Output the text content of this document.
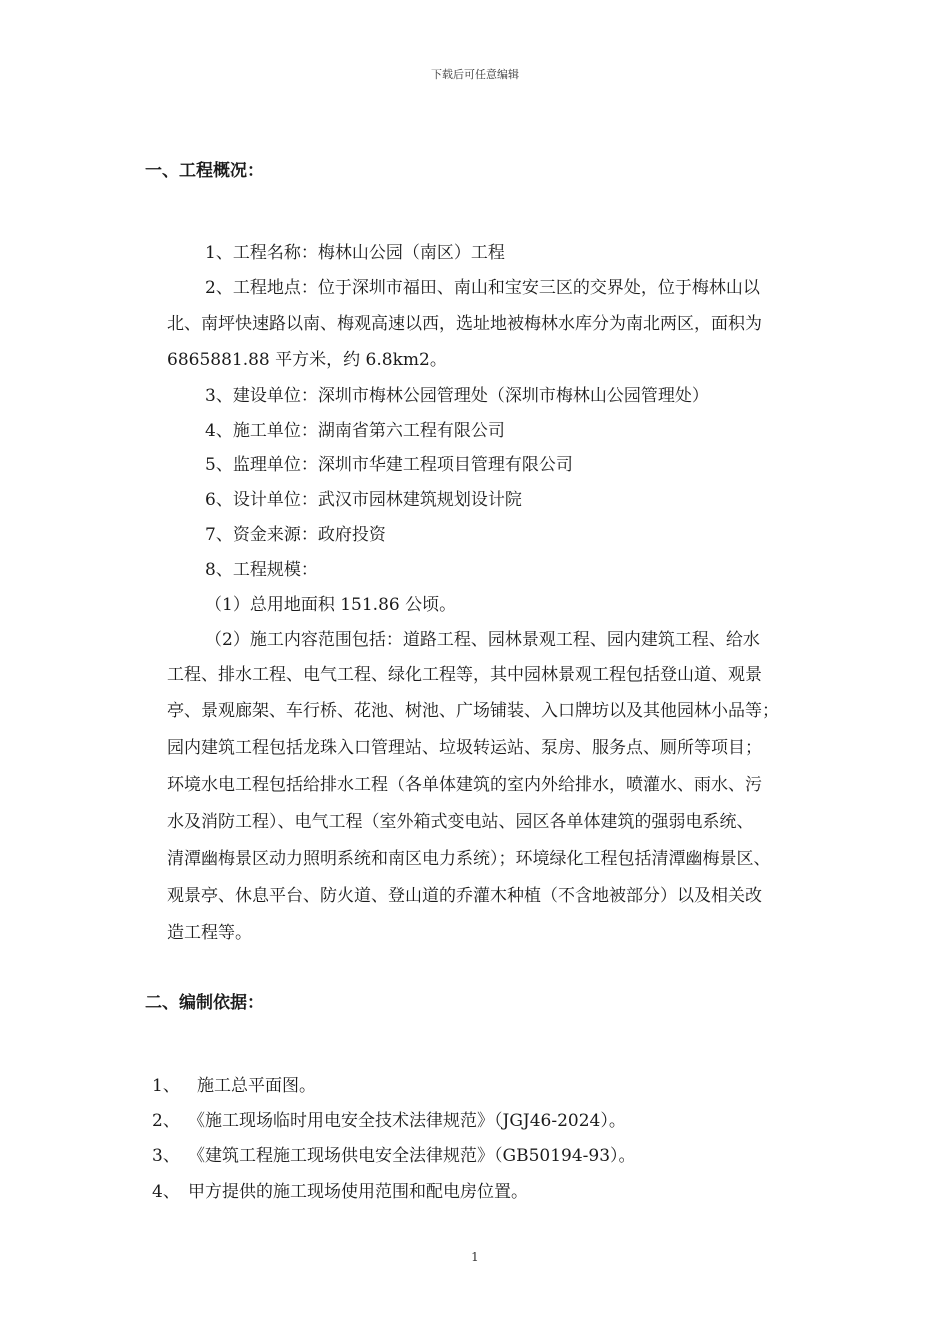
下载后可任意编辑
一、工程概况：
1、工程名称：梅林山公园（南区）工程
2、工程地点：位于深圳市福田、南山和宝安三区的交界处，位于梅林山以
北、南坪快速路以南、梅观高速以西，选址地被梅林水库分为南北两区，面积为
6865881.88 平方米，约 6.8km2。
3、建设单位：深圳市梅林公园管理处（深圳市梅林山公园管理处）
4、施工单位：湖南省第六工程有限公司
5、监理单位：深圳市华建工程项目管理有限公司
6、设计单位：武汉市园林建筑规划设计院
7、资金来源：政府投资
8、工程规模：
（1）总用地面积 151.86 公顷。
（2）施工内容范围包括：道路工程、园林景观工程、园内建筑工程、给水
工程、排水工程、电气工程、绿化工程等，其中园林景观工程包括登山道、观景
亭、景观廊架、车行桥、花池、树池、广场铺装、入口牌坊以及其他园林小品等；
园内建筑工程包括龙珠入口管理站、垃圾转运站、泵房、服务点、厕所等项目；
环境水电工程包括给排水工程（各单体建筑的室内外给排水，喷灌水、雨水、污
水及消防工程）、电气工程（室外箱式变电站、园区各单体建筑的强弱电系统、
清潭幽梅景区动力照明系统和南区电力系统）；环境绿化工程包括清潭幽梅景区、
观景亭、休息平台、防火道、登山道的乔灌木种植（不含地被部分）以及相关改
造工程等。
二、编制依据：
1、 施工总平面图。
2、 《施工现场临时用电安全技术法律规范》（JGJ46-2024）。
3、 《建筑工程施工现场供电安全法律规范》（GB50194-93）。
4、 甲方提供的施工现场使用范围和配电房位置。
1
